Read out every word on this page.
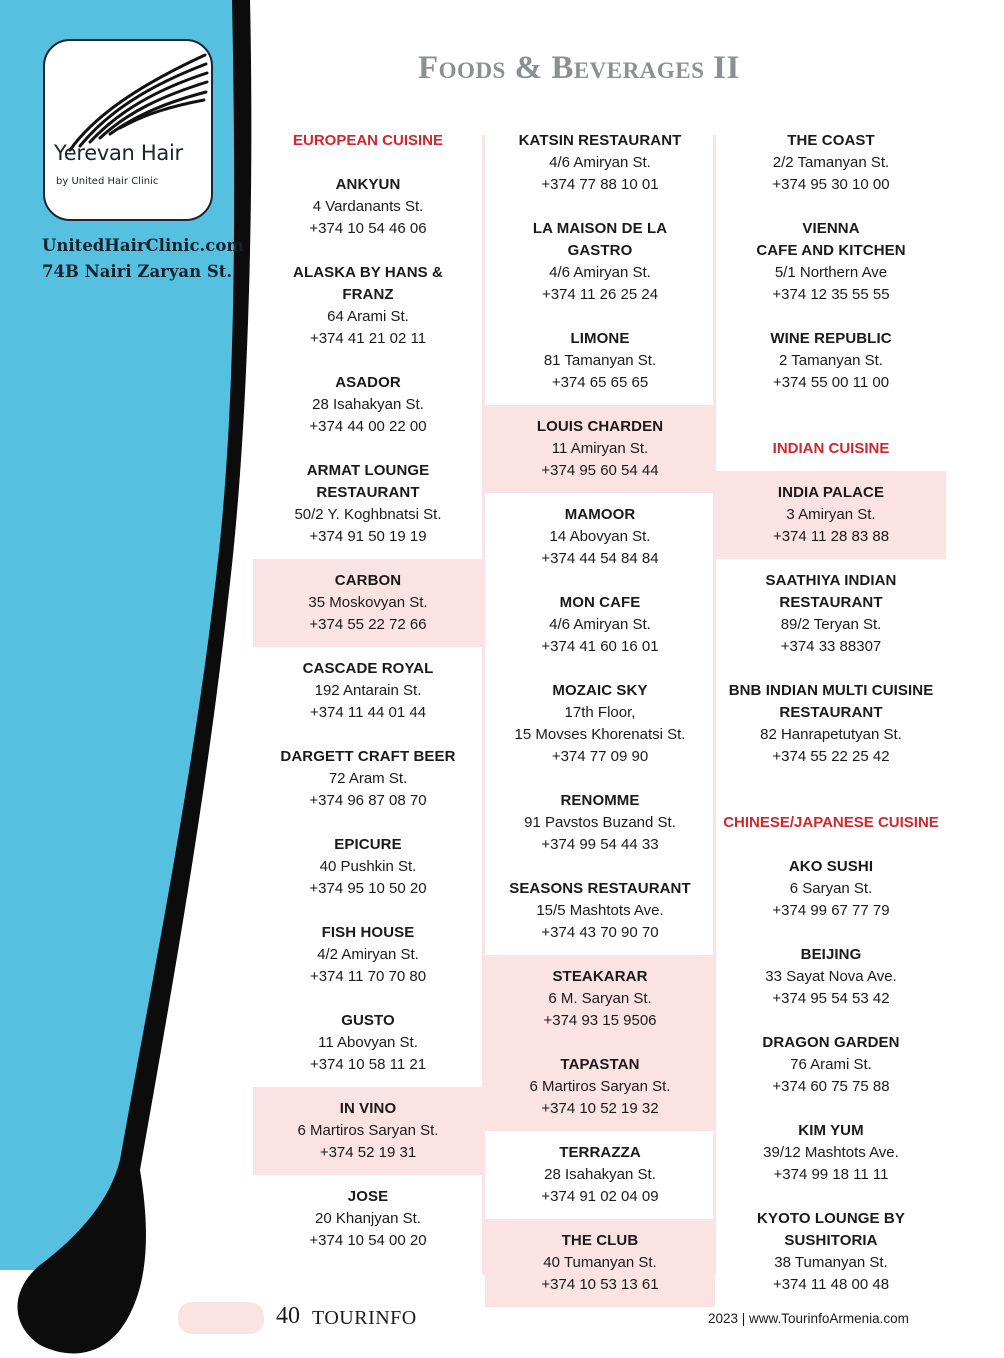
Yerevan Hair
by United Hair Clinic
UnitedHairClinic.com
74B Nairi Zaryan St.
Foods & Beverages II
EUROPEAN CUISINE
ANKYUN
4 Vardanants St.
+374 10 54 46 06
ALASKA BY HANS &
FRANZ
64 Arami St.
+374 41 21 02 11
ASADOR
28 Isahakyan St.
+374 44 00 22 00
ARMAT LOUNGE
RESTAURANT
50/2 Y. Koghbnatsi St.
+374 91 50 19 19
CARBON
35 Moskovyan St.
+374 55 22 72 66
CASCADE ROYAL
192 Antarain St.
+374 11 44 01 44
DARGETT CRAFT BEER
72 Aram St.
+374 96 87 08 70
EPICURE
40 Pushkin St.
+374 95 10 50 20
FISH HOUSE
4/2 Amiryan St.
+374 11 70 70 80
GUSTO
11 Abovyan St.
+374 10 58 11 21
IN VINO
6 Martiros Saryan St.
+374 52 19 31
JOSE
20 Khanjyan St.
+374 10 54 00 20
KATSIN RESTAURANT
4/6 Amiryan St.
+374 77 88 10 01
LA MAISON DE LA
GASTRO
4/6 Amiryan St.
+374 11 26 25 24
LIMONE
81 Tamanyan St.
+374 65 65 65
LOUIS CHARDEN
11 Amiryan St.
+374 95 60 54 44
MAMOOR
14 Abovyan St.
+374 44 54 84 84
MON CAFE
4/6 Amiryan St.
+374 41 60 16 01
MOZAIC SKY
17th Floor,
15 Movses Khorenatsi St.
+374 77 09 90
RENOMME
91 Pavstos Buzand St.
+374 99 54 44 33
SEASONS RESTAURANT
15/5 Mashtots Ave.
+374 43 70 90 70
STEAKARAR
6 M. Saryan St.
+374 93 15 9506
TAPASTAN
6 Martiros Saryan St.
+374 10 52 19 32
TERRAZZA
28 Isahakyan St.
+374 91 02 04 09
THE CLUB
40 Tumanyan St.
+374 10 53 13 61
THE COAST
2/2 Tamanyan St.
+374 95 30 10 00
VIENNA
CAFE AND KITCHEN
5/1 Northern Ave
+374 12 35 55 55
WINE REPUBLIC
2 Tamanyan St.
+374 55 00 11 00
INDIAN CUISINE
INDIA PALACE
3 Amiryan St.
+374 11 28 83 88
SAATHIYA INDIAN
RESTAURANT
89/2 Teryan St.
+374 33 88307
BNB INDIAN MULTI CUISINE
RESTAURANT
82 Hanrapetutyan St.
+374 55 22 25 42
CHINESE/JAPANESE CUISINE
AKO SUSHI
6 Saryan St.
+374 99 67 77 79
BEIJING
33 Sayat Nova Ave.
+374 95 54 53 42
DRAGON GARDEN
76 Arami St.
+374 60 75 75 88
KIM YUM
39/12 Mashtots Ave.
+374 99 18 11 11
KYOTO LOUNGE BY
SUSHITORIA
38 Tumanyan St.
+374 11 48 00 48
40 TOURINFO	2023 | www.TourinfoArmenia.com
